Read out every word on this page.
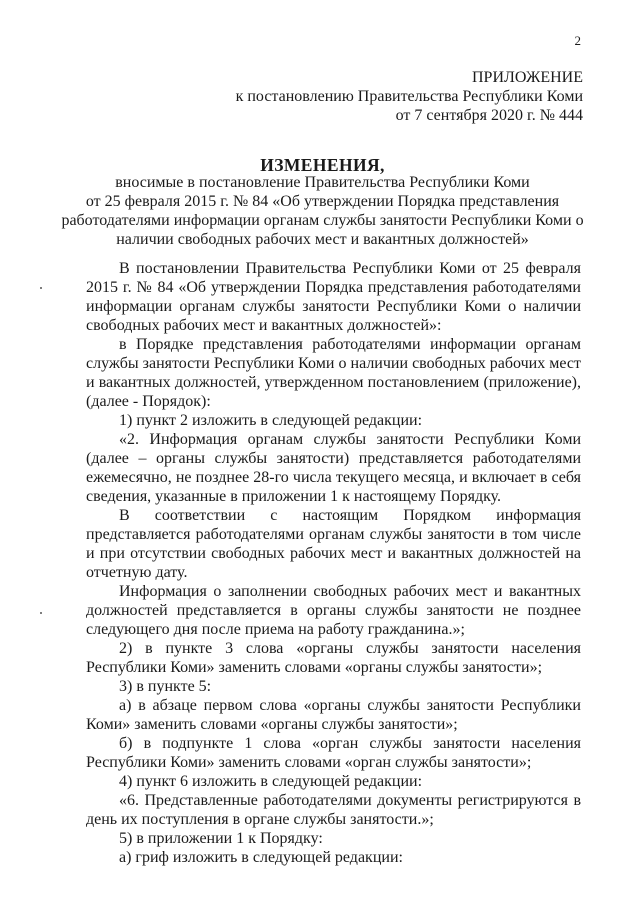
2
ПРИЛОЖЕНИЕ
к постановлению Правительства Республики Коми
от 7 сентября 2020 г. № 444
ИЗМЕНЕНИЯ,
вносимые в постановление Правительства Республики Коми
от 25 февраля 2015 г. № 84 «Об утверждении Порядка представления
работодателями информации органам службы занятости Республики Коми о
наличии свободных рабочих мест и вакантных должностей»

В постановлении Правительства Республики Коми от 25 февраля 2015 г. № 84 «Об утверждении Порядка представления работодателями информации органам службы занятости Республики Коми о наличии свободных рабочих мест и вакантных должностей»:

в Порядке представления работодателями информации органам службы занятости Республики Коми о наличии свободных рабочих мест и вакантных должностей, утвержденном постановлением (приложение), (далее - Порядок):

1) пункт 2 изложить в следующей редакции:

«2. Информация органам службы занятости Республики Коми (далее – органы службы занятости) представляется работодателями ежемесячно, не позднее 28-го числа текущего месяца, и включает в себя сведения, указанные в приложении 1 к настоящему Порядку.

В соответствии с настоящим Порядком информация представляется работодателями органам службы занятости в том числе и при отсутствии свободных рабочих мест и вакантных должностей на отчетную дату.

Информация о заполнении свободных рабочих мест и вакантных должностей представляется в органы службы занятости не позднее следующего дня после приема на работу гражданина.»;

2) в пункте 3 слова «органы службы занятости населения Республики Коми» заменить словами «органы службы занятости»;

3) в пункте 5:

а) в абзаце первом слова «органы службы занятости Республики Коми» заменить словами «органы службы занятости»;

б) в подпункте 1 слова «орган службы занятости населения Республики Коми» заменить словами «орган службы занятости»;

4) пункт 6 изложить в следующей редакции:

«6. Представленные работодателями документы регистрируются в день их поступления в органе службы занятости.»;

5) в приложении 1 к Порядку:

а) гриф изложить в следующей редакции:
